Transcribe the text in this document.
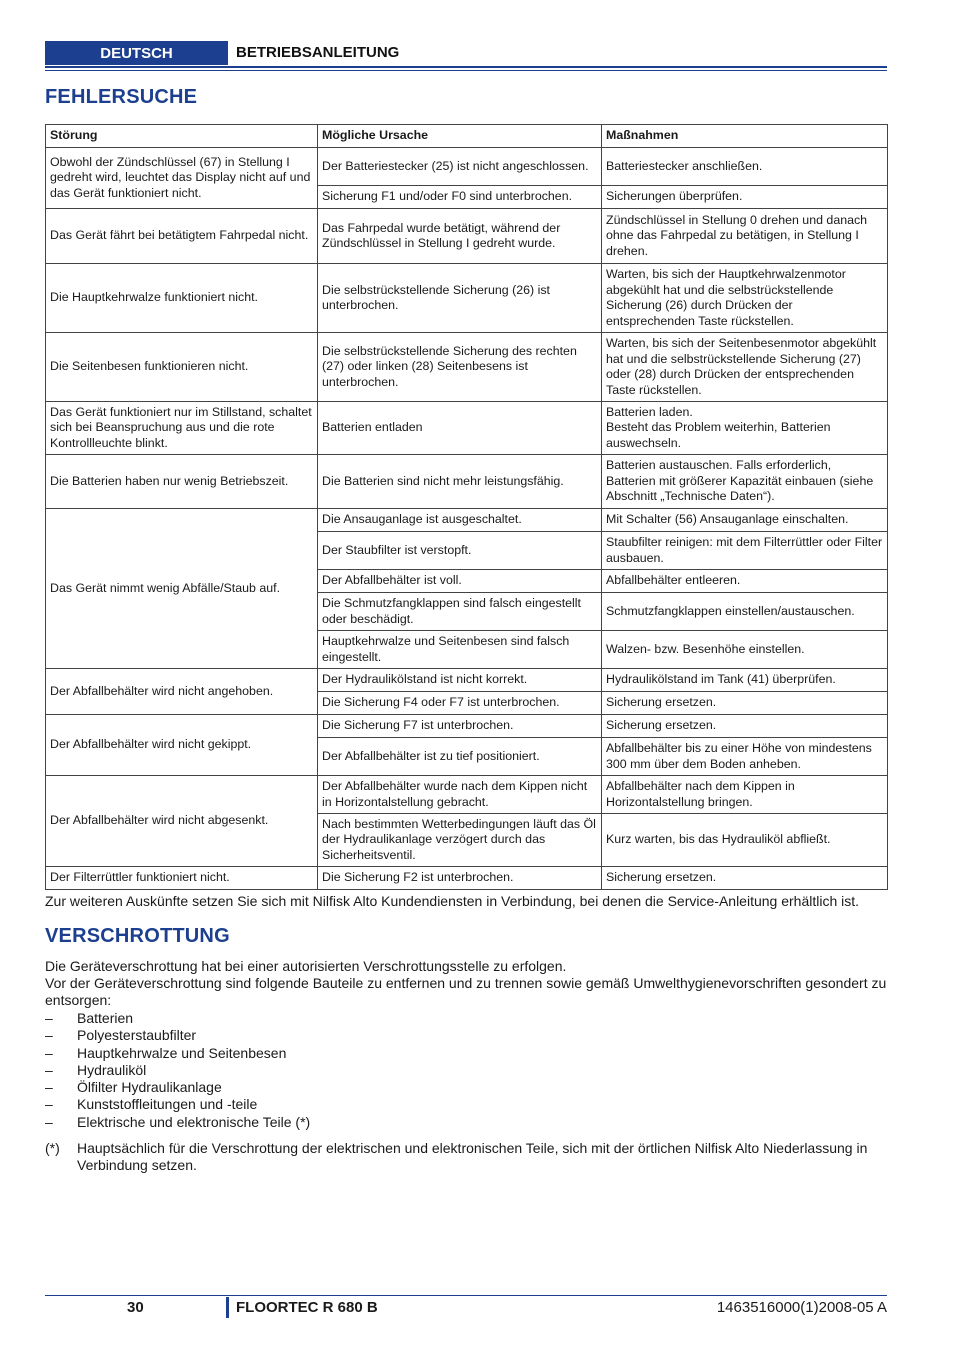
DEUTSCH	BETRIEBSANLEITUNG
FEHLERSUCHE
Störung	Mögliche Ursache	Maßnahmen
Obwohl der Zündschlüssel (67) in Stellung I gedreht wird, leuchtet das Display nicht auf und das Gerät funktioniert nicht.	Der Batteriestecker (25) ist nicht angeschlossen.	Batteriestecker anschließen.
	Sicherung F1 und/oder F0 sind unterbrochen.	Sicherungen überprüfen.
Das Gerät fährt bei betätigtem Fahrpedal nicht.	Das Fahrpedal wurde betätigt, während der Zündschlüssel in Stellung I gedreht wurde.	Zündschlüssel in Stellung 0 drehen und danach ohne das Fahrpedal zu betätigen, in Stellung I drehen.
Die Hauptkehrwalze funktioniert nicht.	Die selbstrückstellende Sicherung (26) ist unterbrochen.	Warten, bis sich der Hauptkehrwalzenmotor abgekühlt hat und die selbstrückstellende Sicherung (26) durch Drücken der entsprechenden Taste rückstellen.
Die Seitenbesen funktionieren nicht.	Die selbstrückstellende Sicherung des rechten (27) oder linken (28) Seitenbesens ist unterbrochen.	Warten, bis sich der Seitenbesenmotor abgekühlt hat und die selbstrückstellende Sicherung (27) oder (28) durch Drücken der entsprechenden Taste rückstellen.
Das Gerät funktioniert nur im Stillstand, schaltet sich bei Beanspruchung aus und die rote Kontrollleuchte blinkt.	Batterien entladen	Batterien laden.
Besteht das Problem weiterhin, Batterien auswechseln.
Die Batterien haben nur wenig Betriebszeit.	Die Batterien sind nicht mehr leistungsfähig.	Batterien austauschen. Falls erforderlich, Batterien mit größerer Kapazität einbauen (siehe Abschnitt „Technische Daten“).
Das Gerät nimmt wenig Abfälle/Staub auf.	Die Ansauganlage ist ausgeschaltet.	Mit Schalter (56) Ansauganlage einschalten.
	Der Staubfilter ist verstopft.	Staubfilter reinigen: mit dem Filterrüttler oder Filter ausbauen.
	Der Abfallbehälter ist voll.	Abfallbehälter entleeren.
	Die Schmutzfangklappen sind falsch eingestellt oder beschädigt.	Schmutzfangklappen einstellen/austauschen.
	Hauptkehrwalze und Seitenbesen sind falsch eingestellt.	Walzen- bzw. Besenhöhe einstellen.
Der Abfallbehälter wird nicht angehoben.	Der Hydraulikölstand ist nicht korrekt.	Hydraulikölstand im Tank (41) überprüfen.
	Die Sicherung F4 oder F7 ist unterbrochen.	Sicherung ersetzen.
Der Abfallbehälter wird nicht gekippt.	Die Sicherung F7 ist unterbrochen.	Sicherung ersetzen.
	Der Abfallbehälter ist zu tief positioniert.	Abfallbehälter bis zu einer Höhe von mindestens 300 mm über dem Boden anheben.
Der Abfallbehälter wird nicht abgesenkt.	Der Abfallbehälter wurde nach dem Kippen nicht in Horizontalstellung gebracht.	Abfallbehälter nach dem Kippen in Horizontalstellung bringen.
	Nach bestimmten Wetterbedingungen läuft das Öl der Hydraulikanlage verzögert durch das Sicherheitsventil.	Kurz warten, bis das Hydrauliköl abfließt.
Der Filterrüttler funktioniert nicht.	Die Sicherung F2 ist unterbrochen.	Sicherung ersetzen.
Zur weiteren Auskünfte setzen Sie sich mit Nilfisk Alto Kundendiensten in Verbindung, bei denen die Service-Anleitung erhältlich ist.
VERSCHROTTUNG
Die Geräteverschrottung hat bei einer autorisierten Verschrottungsstelle zu erfolgen.
Vor der Geräteverschrottung sind folgende Bauteile zu entfernen und zu trennen sowie gemäß Umwelthygienevorschriften gesondert zu entsorgen:
– Batterien
– Polyesterstaubfilter
– Hauptkehrwalze und Seitenbesen
– Hydrauliköl
– Ölfilter Hydraulikanlage
– Kunststoffleitungen und -teile
– Elektrische und elektronische Teile (*)
(*) Hauptsächlich für die Verschrottung der elektrischen und elektronischen Teile, sich mit der örtlichen Nilfisk Alto Niederlassung in Verbindung setzen.
30	FLOORTEC R 680 B	1463516000(1)2008-05 A
